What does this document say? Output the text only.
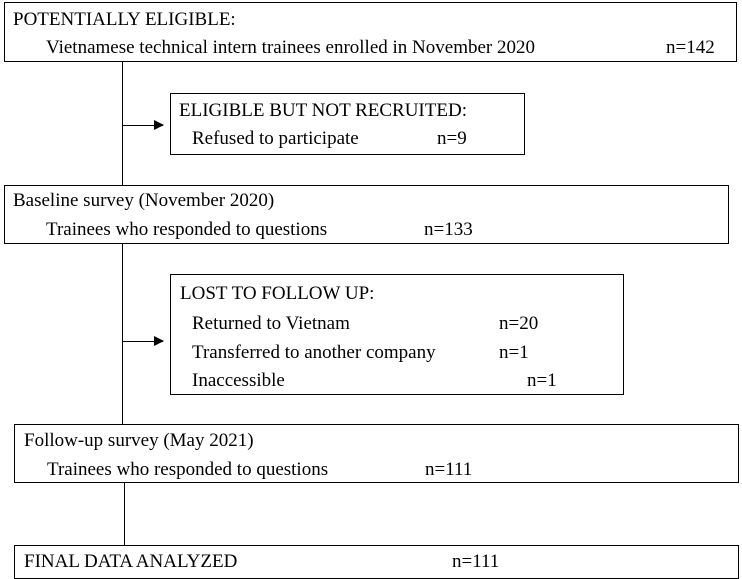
POTENTIALLY ELIGIBLE:
Vietnamese technical intern trainees enrolled in November 2020	n=142
ELIGIBLE BUT NOT RECRUITED:
Refused to participate	n=9
Baseline survey (November 2020)
Trainees who responded to questions	n=133
LOST TO FOLLOW UP:
Returned to Vietnam	n=20
Transferred to another company	n=1
Inaccessible	n=1
Follow-up survey (May 2021)
Trainees who responded to questions	n=111
FINAL DATA ANALYZED	n=111
